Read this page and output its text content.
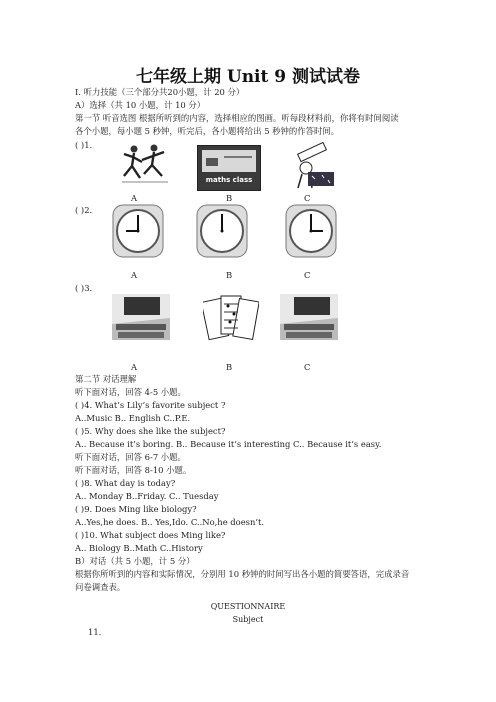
七年级上期 Unit 9 测试试卷
I. 听力技能（三个部分共20小题，计 20 分）
A）选择（共 10 小题，计 10 分）
第一节 听音选图 根据所听到的内容，选择相应的图画。听每段材料前，你将有时间阅读
各个小题，每小题 5 秒钟，听完后，各小题将给出 5 秒钟的作答时间。
( )1.
maths class
A	B	C
( )2.
A	B	C
( )3.
A	B	C
第二节 对话理解
听下面对话，回答 4-5 小题。
( )4. What’s Lily’s favorite subject ?
A..Music B.. English C..P.E.
( )5. Why does she like the subject?
A.. Because it’s boring. B.. Because it’s interesting C.. Because it’s easy.
听下面对话，回答 6-7 小题。
听下面对话，回答 8-10 小题。
( )8. What day is today?
A.. Monday B..Friday. C.. Tuesday
( )9. Does Ming like biology?
A..Yes,he does. B.. Yes,Ido. C..No,he doesn’t.
( )10. What subject does Ming like?
A.. Biology B..Math C..History
B）对话（共 5 小题，计 5 分）
根据你所听到的内容和实际情况，分别用 10 秒钟的时间写出各小题的简要答语，完成录音
问卷调查表。
QUESTIONNAIRE
Subject
11.
